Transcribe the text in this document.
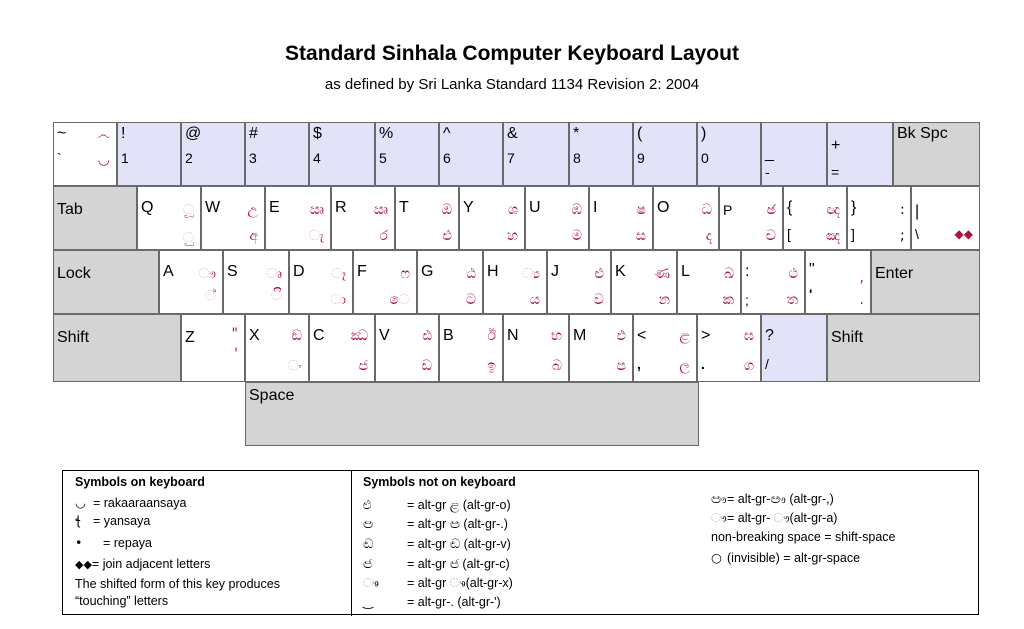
Standard Sinhala Computer Keyboard Layout
as defined by Sri Lanka Standard 1134 Revision 2: 2004
~
`
෴
◡
!
1
@
2
#
3
$
4
%
5
^
6
&
7
*
8
(
9
)
0	_
-
+
=
Bk Spc
Tab	Q ූ
ු
W උ
අ
E ඍ
ැ
R ඍ
ර
T ඔ
එ
Y ශ
හ
U ඹ
ම
I	ෂ
ස
O ධ
ද
P ඡ
ච
{
[
ඥ
ඤ
}
]
|
\
:
;	◆◆
Lock	A ෟ
්
S ෘ
ි
D ෑ
ා
F ෆ
ෙ
G ඨ
ට
H ්‍ය
ය
J	ළු
ව
K ණ
න
L ඛ
ක
:
;
ථ
ත
"
'
,
.
Enter
Shift	Z	"
'
X ඞ
ං
C ඣ
ජ
V ඪ
ඩ
B ඊ
ඉ
N භ
බ
M ඵ
ප
<
,
ළ
ල
>
.
ඝ
ග
?
/
Shift
Space
Symbols on keyboard
◡ = rakaaraansaya
ꞎ = yansaya
• = repaya
◆◆= join adjacent letters
The shifted form of this key produces
“touching” letters
Symbols not on keyboard
ළු	= alt-gr ළ (alt-gr-o)
ඏ	= alt-gr ඏ (alt-gr-.)
ඬ	= alt-gr ඬ (alt-gr-v)
ඦ	= alt-gr ඦ (alt-gr-c)
ෳ = alt-gr ෳ(alt-gr-x)
‿	= alt-gr-. (alt-gr-')
ඐ= alt-gr-ඐ (alt-gr-,)
ෟ= alt-gr- ෟ(alt-gr-a)
non-breaking space = shift-space
○ (invisible) = alt-gr-space
